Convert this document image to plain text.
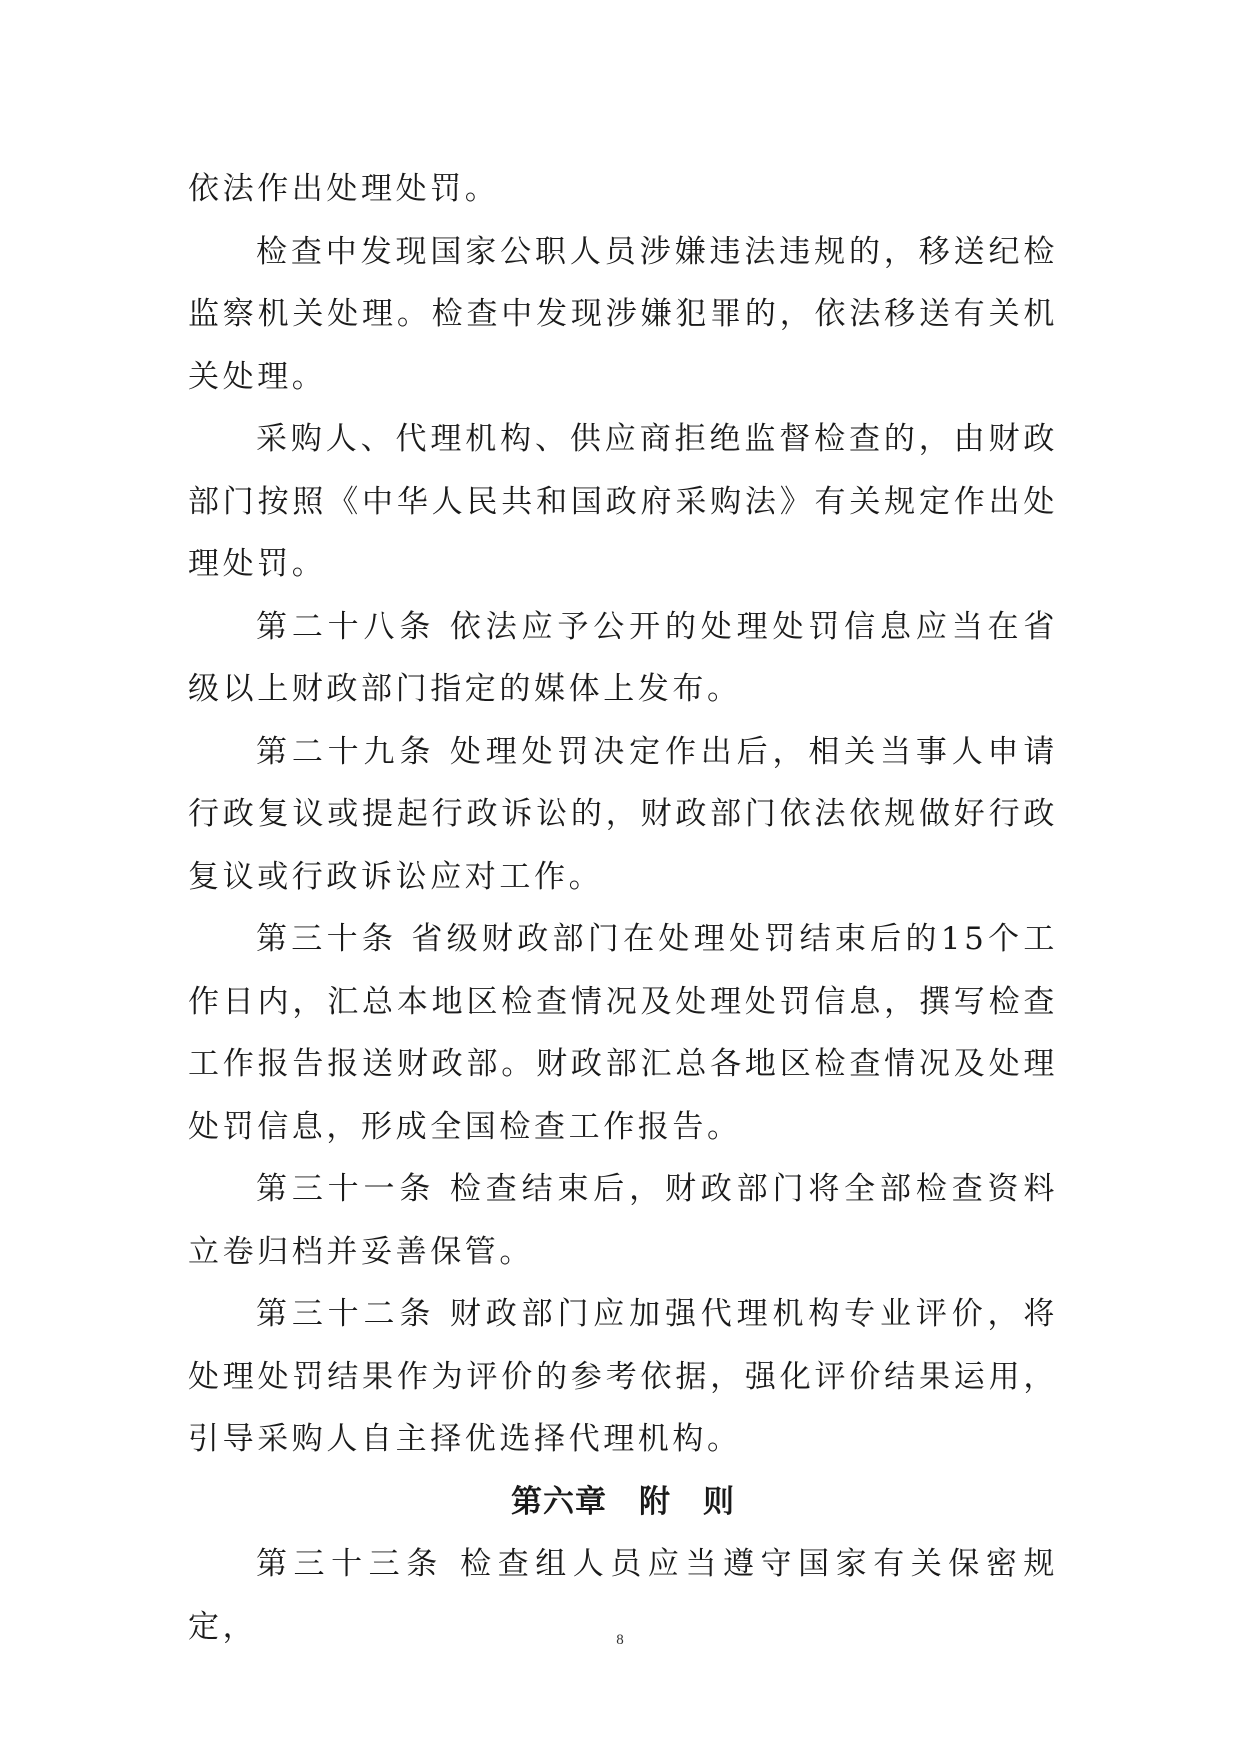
依法作出处理处罚。

检查中发现国家公职人员涉嫌违法违规的，移送纪检监察机关处理。检查中发现涉嫌犯罪的，依法移送有关机关处理。

采购人、代理机构、供应商拒绝监督检查的，由财政部门按照《中华人民共和国政府采购法》有关规定作出处理处罚。

第二十八条 依法应予公开的处理处罚信息应当在省级以上财政部门指定的媒体上发布。

第二十九条 处理处罚决定作出后，相关当事人申请行政复议或提起行政诉讼的，财政部门依法依规做好行政复议或行政诉讼应对工作。

第三十条 省级财政部门在处理处罚结束后的15个工作日内，汇总本地区检查情况及处理处罚信息，撰写检查工作报告报送财政部。财政部汇总各地区检查情况及处理处罚信息，形成全国检查工作报告。

第三十一条 检查结束后，财政部门将全部检查资料立卷归档并妥善保管。

第三十二条 财政部门应加强代理机构专业评价，将处理处罚结果作为评价的参考依据，强化评价结果运用，引导采购人自主择优选择代理机构。

第六章　附　则

第三十三条 检查组人员应当遵守国家有关保密规定，	8
